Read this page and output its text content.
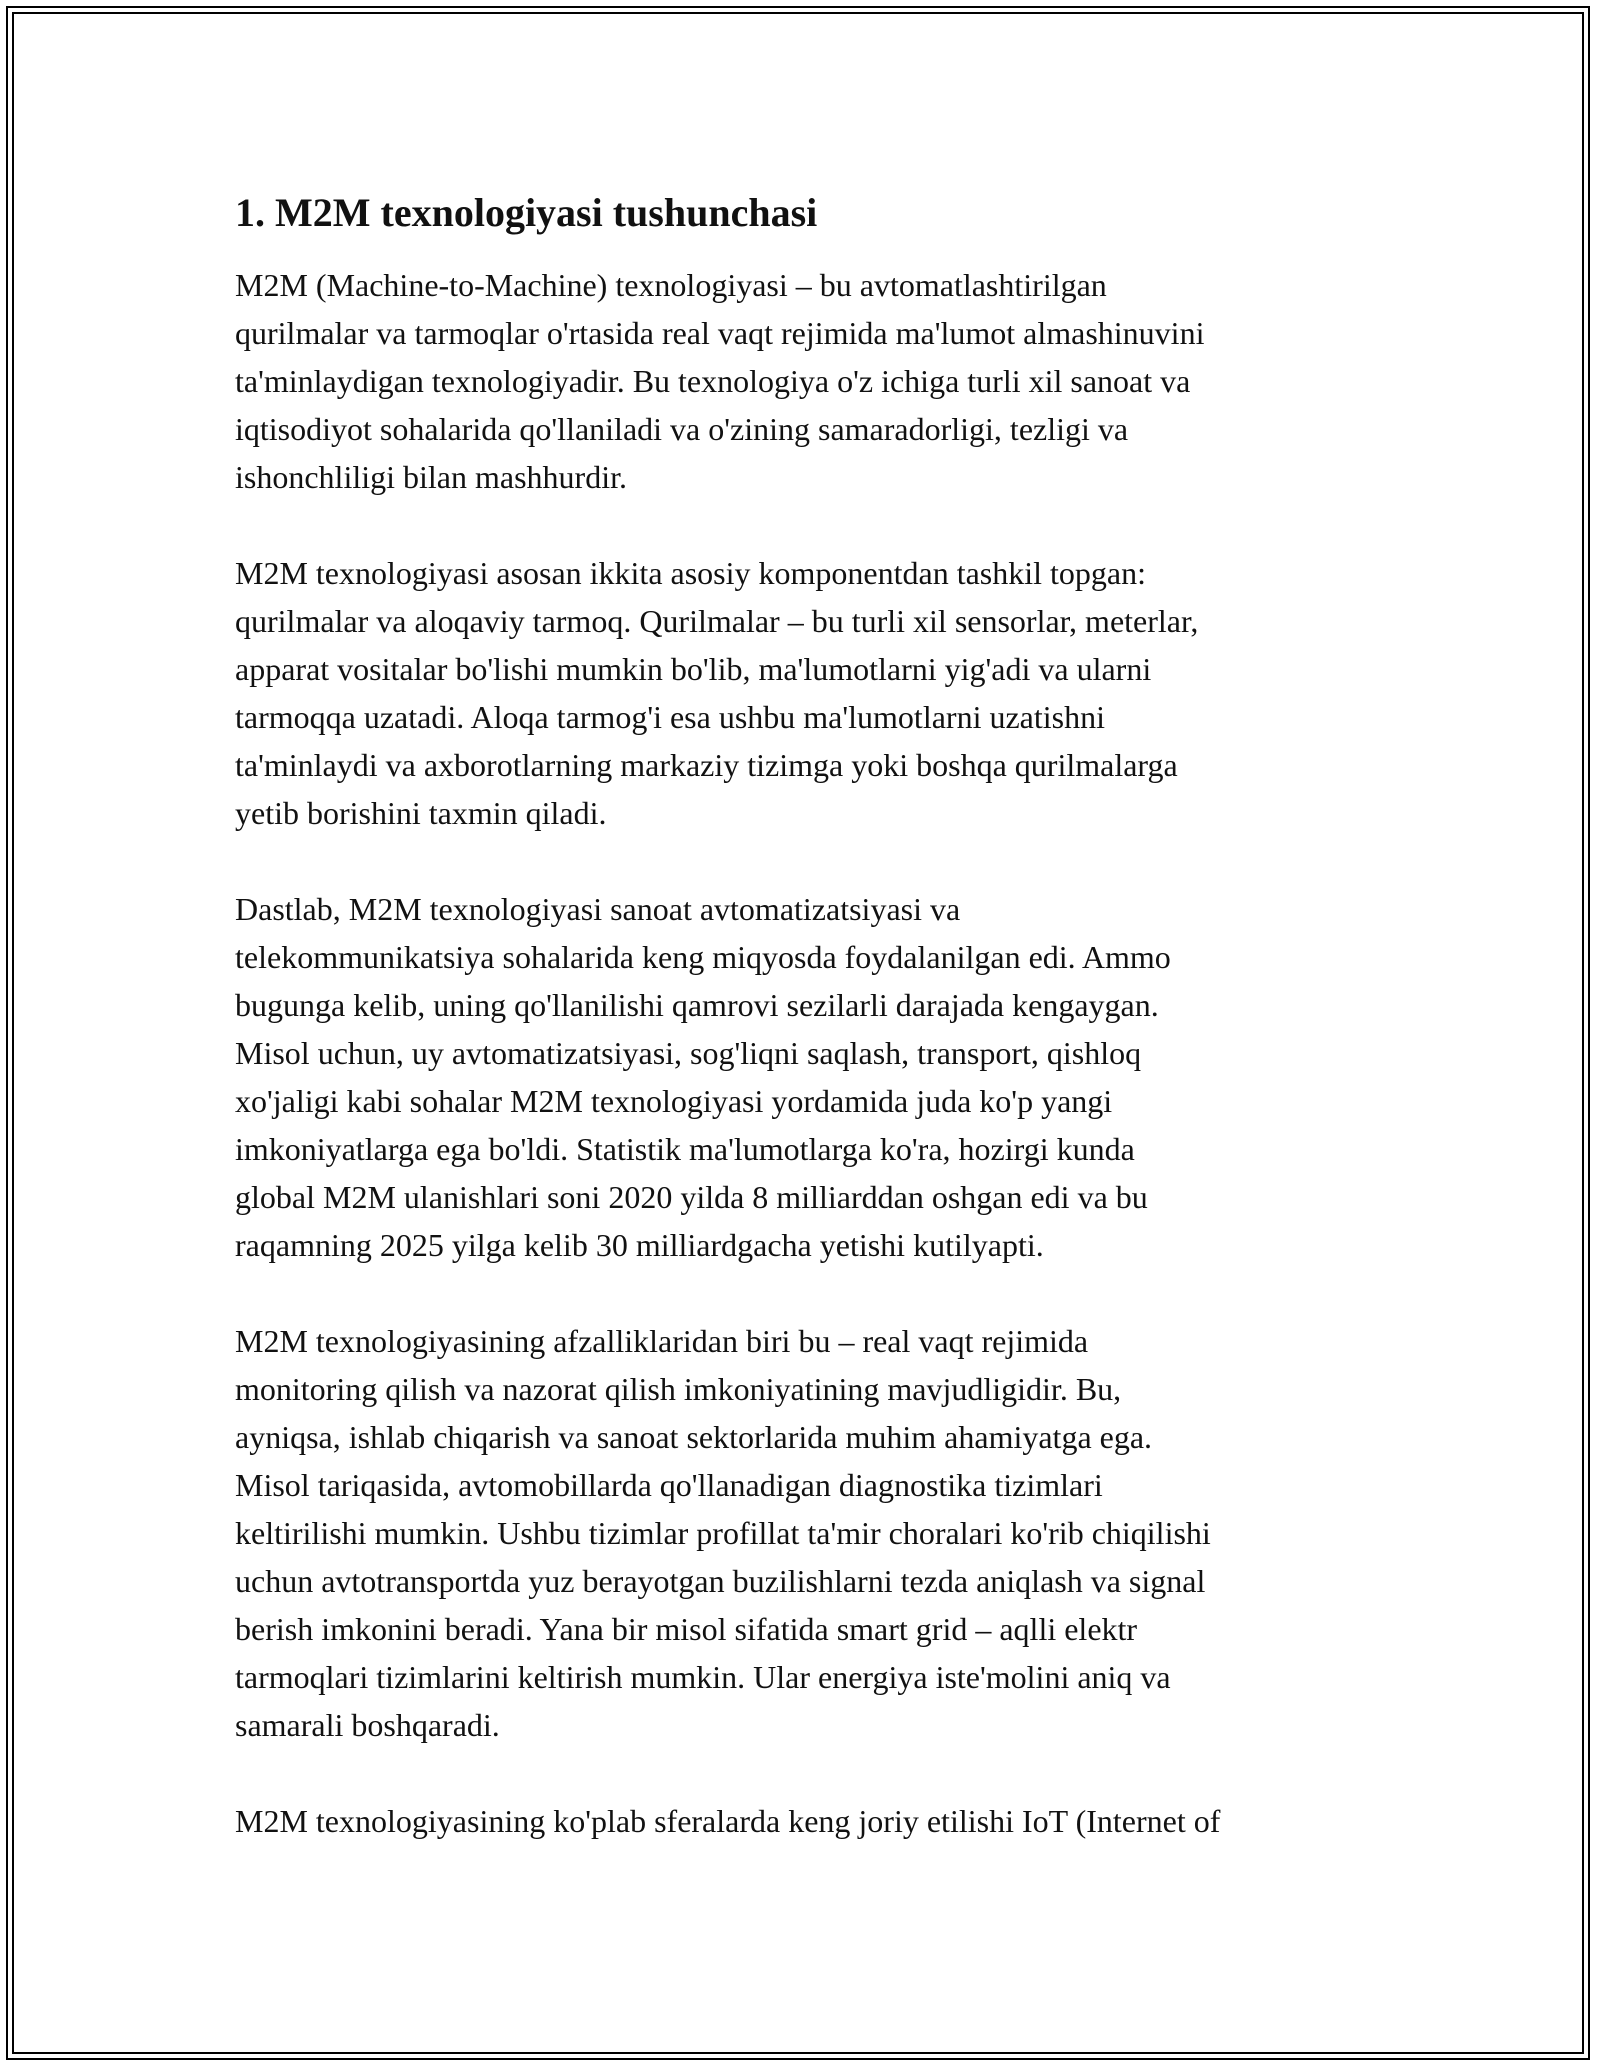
1. M2M texnologiyasi tushunchasi

M2M (Machine-to-Machine) texnologiyasi – bu avtomatlashtirilgan
qurilmalar va tarmoqlar o'rtasida real vaqt rejimida ma'lumot almashinuvini
ta'minlaydigan texnologiyadir. Bu texnologiya o'z ichiga turli xil sanoat va
iqtisodiyot sohalarida qo'llaniladi va o'zining samaradorligi, tezligi va
ishonchliligi bilan mashhurdir.

M2M texnologiyasi asosan ikkita asosiy komponentdan tashkil topgan:
qurilmalar va aloqaviy tarmoq. Qurilmalar – bu turli xil sensorlar, meterlar,
apparat vositalar bo'lishi mumkin bo'lib, ma'lumotlarni yig'adi va ularni
tarmoqqa uzatadi. Aloqa tarmog'i esa ushbu ma'lumotlarni uzatishni
ta'minlaydi va axborotlarning markaziy tizimga yoki boshqa qurilmalarga
yetib borishini taxmin qiladi.

Dastlab, M2M texnologiyasi sanoat avtomatizatsiyasi va
telekommunikatsiya sohalarida keng miqyosda foydalanilgan edi. Ammo
bugunga kelib, uning qo'llanilishi qamrovi sezilarli darajada kengaygan.
Misol uchun, uy avtomatizatsiyasi, sog'liqni saqlash, transport, qishloq
xo'jaligi kabi sohalar M2M texnologiyasi yordamida juda ko'p yangi
imkoniyatlarga ega bo'ldi. Statistik ma'lumotlarga ko'ra, hozirgi kunda
global M2M ulanishlari soni 2020 yilda 8 milliarddan oshgan edi va bu
raqamning 2025 yilga kelib 30 milliardgacha yetishi kutilyapti.

M2M texnologiyasining afzalliklaridan biri bu – real vaqt rejimida
monitoring qilish va nazorat qilish imkoniyatining mavjudligidir. Bu,
ayniqsa, ishlab chiqarish va sanoat sektorlarida muhim ahamiyatga ega.
Misol tariqasida, avtomobillarda qo'llanadigan diagnostika tizimlari
keltirilishi mumkin. Ushbu tizimlar profillat ta'mir choralari ko'rib chiqilishi
uchun avtotransportda yuz berayotgan buzilishlarni tezda aniqlash va signal
berish imkonini beradi. Yana bir misol sifatida smart grid – aqlli elektr
tarmoqlari tizimlarini keltirish mumkin. Ular energiya iste'molini aniq va
samarali boshqaradi.

M2M texnologiyasining ko'plab sferalarda keng joriy etilishi IoT (Internet of
